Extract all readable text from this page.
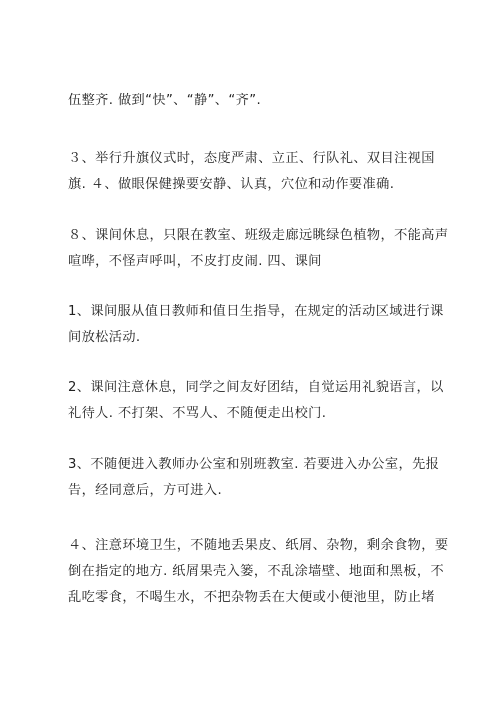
伍整齐. 做到“快”、“静”、“齐”.

３、举行升旗仪式时，态度严肃、立正、行队礼、双目注视国
旗. ４、做眼保健操要安静、认真，穴位和动作要准确.

８、课间休息，只限在教室、班级走廊远眺绿色植物，不能高声
喧哗，不怪声呼叫，不皮打皮闹. 四、课间

1、课间服从值日教师和值日生指导，在规定的活动区域进行课
间放松活动.

2、课间注意休息，同学之间友好团结，自觉运用礼貌语言，以
礼待人. 不打架、不骂人、不随便走出校门.

3、不随便进入教师办公室和别班教室. 若要进入办公室，先报
告，经同意后，方可进入.

４、注意环境卫生，不随地丢果皮、纸屑、杂物，剩余食物，要
倒在指定的地方. 纸屑果壳入篓，不乱涂墙壁、地面和黑板，不
乱吃零食，不喝生水，不把杂物丢在大便或小便池里，防止堵
